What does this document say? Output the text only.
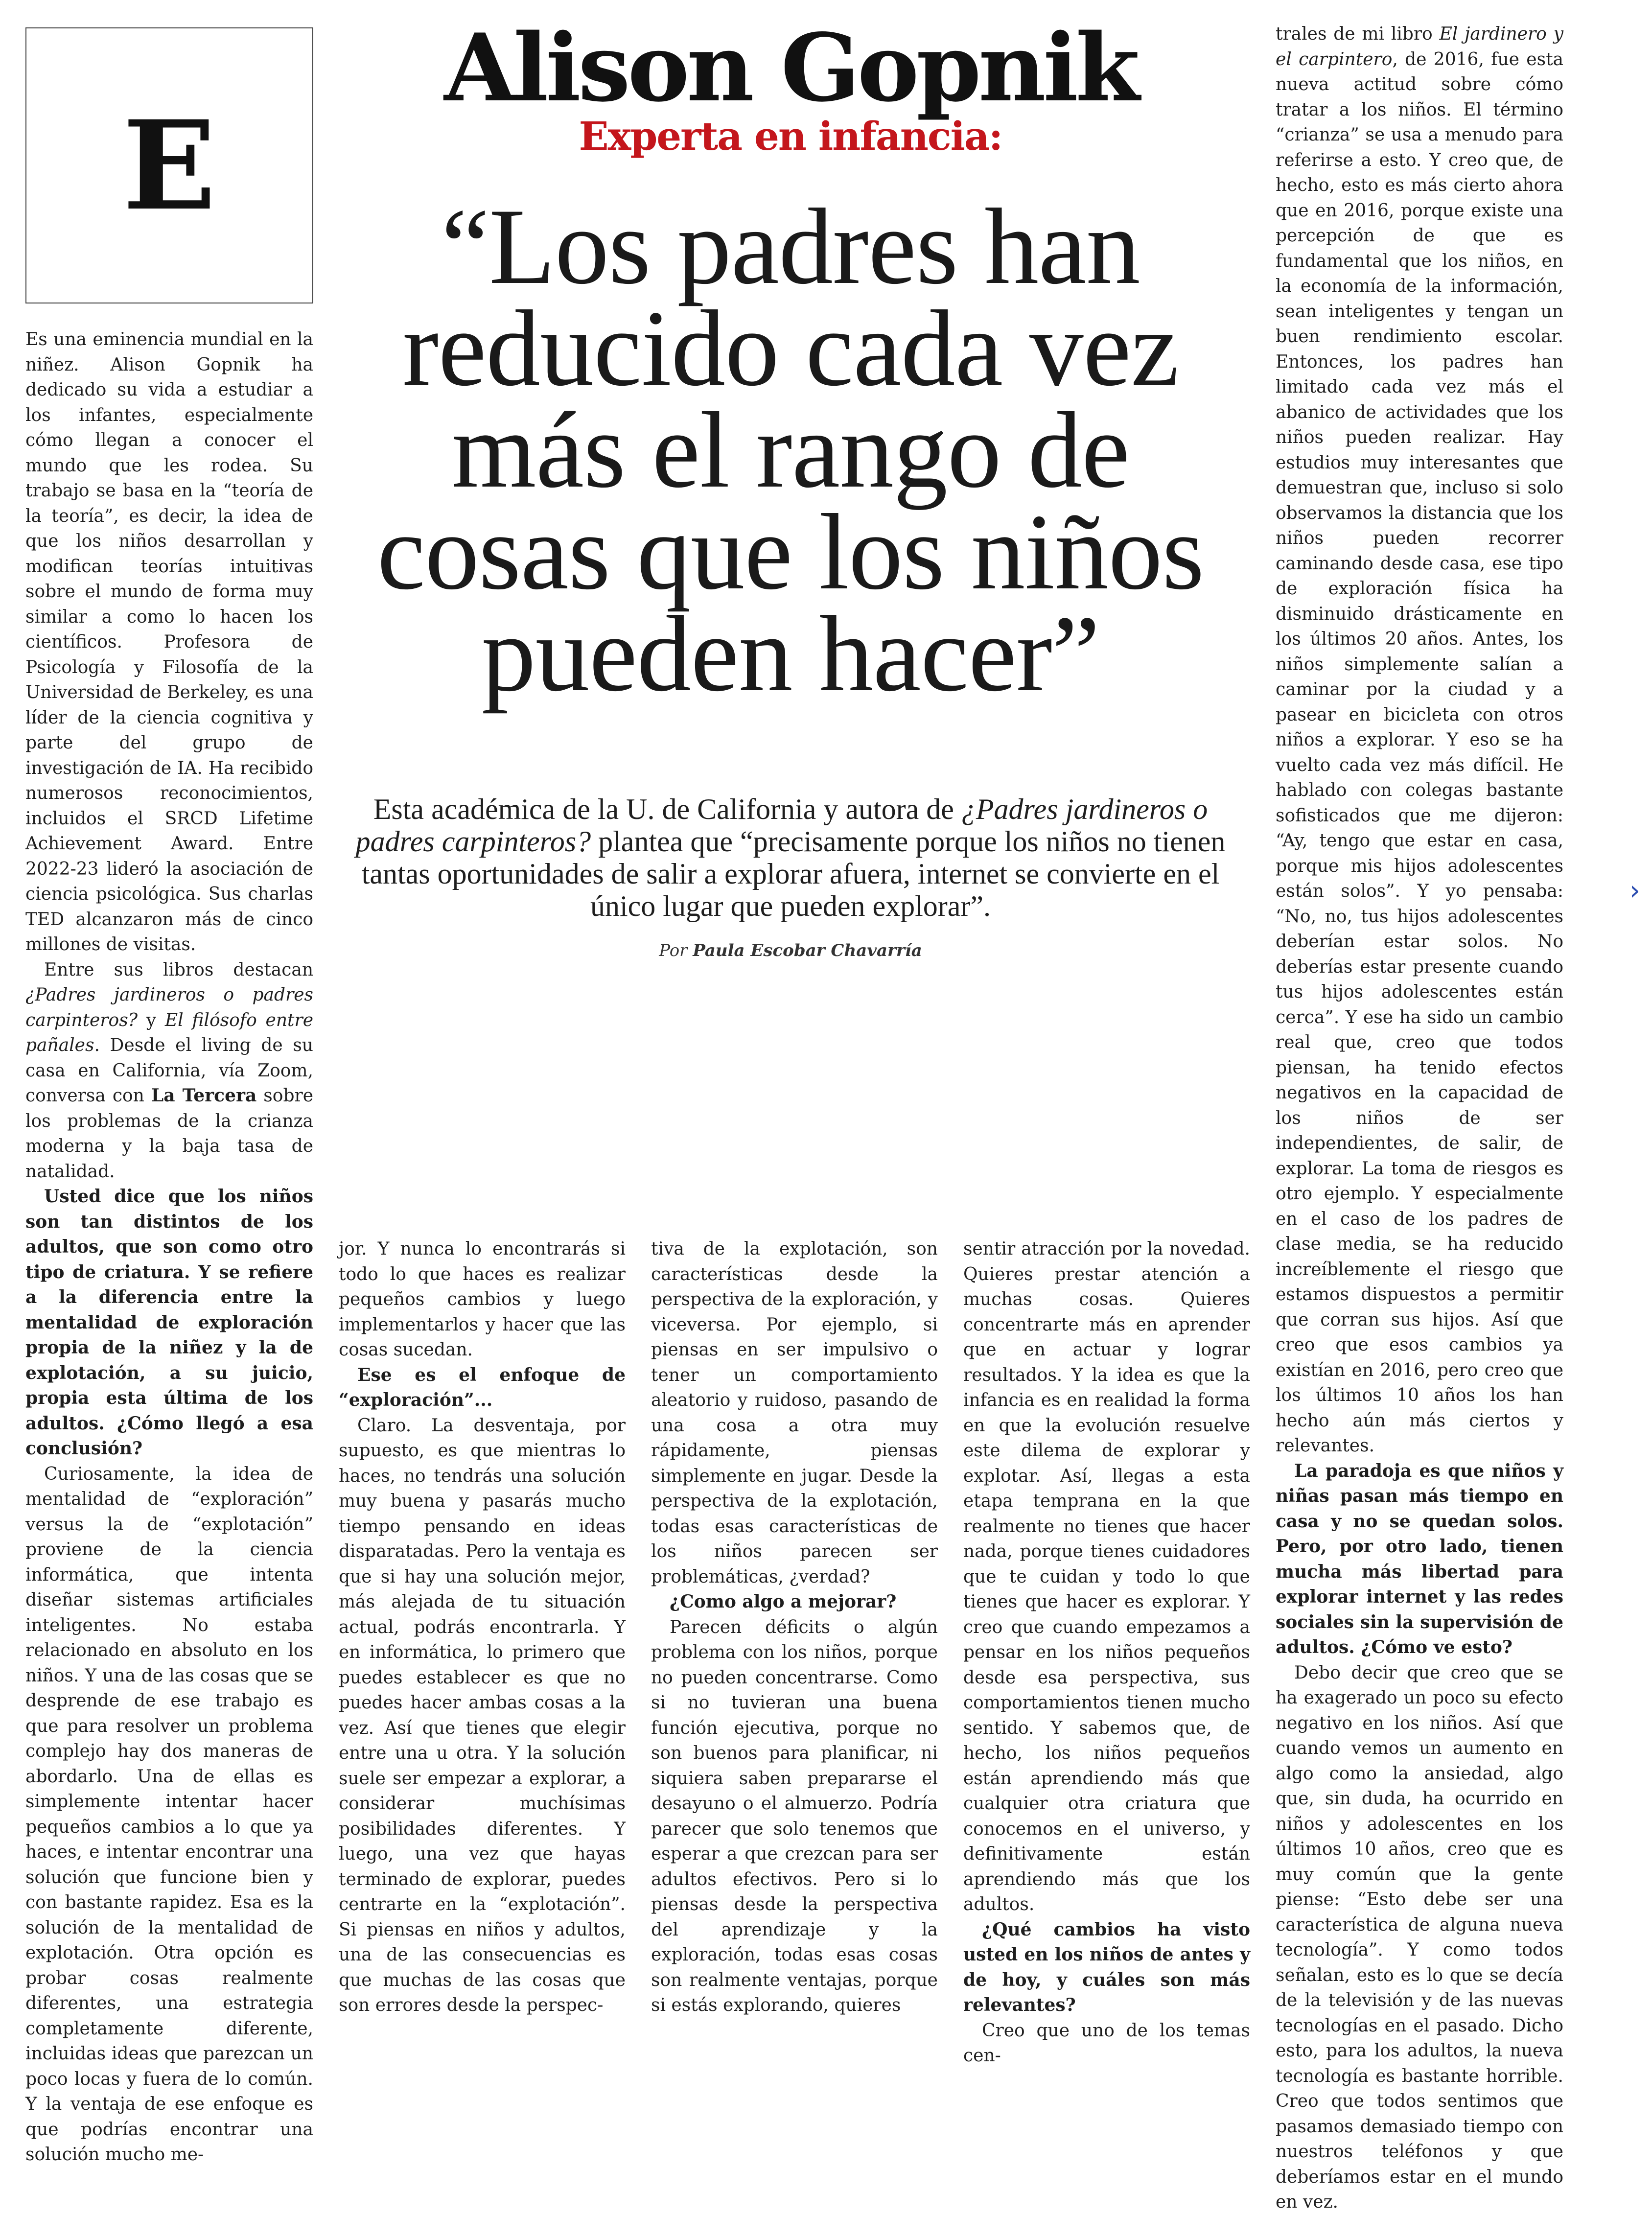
E
Alison Gopnik
Experta en infancia:
“Los padres han reducido cada vez más el rango de cosas que los niños pueden hacer”
Esta académica de la U. de California y autora de ¿Padres jardineros o padres carpinteros? plantea que “precisamente porque los niños no tienen tantas oportunidades de salir a explorar afuera, internet se convierte en el único lugar que pueden explorar”.
Por Paula Escobar Chavarría

Es una eminencia mundial en la niñez. Alison Gopnik ha dedicado su vida a estudiar a los infantes, especialmente cómo llegan a conocer el mundo que les rodea. Su trabajo se basa en la “teoría de la teoría”, es decir, la idea de que los niños desarrollan y modifican teorías intuitivas sobre el mundo de forma muy similar a como lo hacen los científicos. Profesora de Psicología y Filosofía de la Universidad de Berkeley, es una líder de la ciencia cognitiva y parte del grupo de investigación de IA. Ha recibido numerosos reconocimientos, incluidos el SRCD Lifetime Achievement Award. Entre 2022-23 lideró la asociación de ciencia psicológica. Sus charlas TED alcanzaron más de cinco millones de visitas.

Entre sus libros destacan ¿Padres jardineros o padres carpinteros? y El filósofo entre pañales. Desde el living de su casa en California, vía Zoom, conversa con La Tercera sobre los problemas de la crianza moderna y la baja tasa de natalidad.

Usted dice que los niños son tan distintos de los adultos, que son como otro tipo de criatura. Y se refiere a la diferencia entre la mentalidad de exploración propia de la niñez y la de explotación, a su juicio, propia esta última de los adultos. ¿Cómo llegó a esa conclusión?

Curiosamente, la idea de mentalidad de “exploración” versus la de “explotación” proviene de la ciencia informática, que intenta diseñar sistemas artificiales inteligentes. No estaba relacionado en absoluto en los niños. Y una de las cosas que se desprende de ese trabajo es que para resolver un problema complejo hay dos maneras de abordarlo. Una de ellas es simplemente intentar hacer pequeños cambios a lo que ya haces, e intentar encontrar una solución que funcione bien y con bastante rapidez. Esa es la solución de la mentalidad de explotación. Otra opción es probar cosas realmente diferentes, una estrategia completamente diferente, incluidas ideas que parezcan un poco locas y fuera de lo común. Y la ventaja de ese enfoque es que podrías encontrar una solución mucho me-

jor. Y nunca lo encontrarás si todo lo que haces es realizar pequeños cambios y luego implementarlos y hacer que las cosas sucedan.

Ese es el enfoque de “exploración”...

Claro. La desventaja, por supuesto, es que mientras lo haces, no tendrás una solución muy buena y pasarás mucho tiempo pensando en ideas disparatadas. Pero la ventaja es que si hay una solución mejor, más alejada de tu situación actual, podrás encontrarla. Y en informática, lo primero que puedes establecer es que no puedes hacer ambas cosas a la vez. Así que tienes que elegir entre una u otra. Y la solución suele ser empezar a explorar, a considerar muchísimas posibilidades diferentes. Y luego, una vez que hayas terminado de explorar, puedes centrarte en la “explotación”. Si piensas en niños y adultos, una de las consecuencias es que muchas de las cosas que son errores desde la perspec-

tiva de la explotación, son características desde la perspectiva de la exploración, y viceversa. Por ejemplo, si piensas en ser impulsivo o tener un comportamiento aleatorio y ruidoso, pasando de una cosa a otra muy rápidamente, piensas simplemente en jugar. Desde la perspectiva de la explotación, todas esas características de los niños parecen ser problemáticas, ¿verdad?

¿Como algo a mejorar?

Parecen déficits o algún problema con los niños, porque no pueden concentrarse. Como si no tuvieran una buena función ejecutiva, porque no son buenos para planificar, ni siquiera saben prepararse el desayuno o el almuerzo. Podría parecer que solo tenemos que esperar a que crezcan para ser adultos efectivos. Pero si lo piensas desde la perspectiva del aprendizaje y la exploración, todas esas cosas son realmente ventajas, porque si estás explorando, quieres

sentir atracción por la novedad. Quieres prestar atención a muchas cosas. Quieres concentrarte más en aprender que en actuar y lograr resultados. Y la idea es que la infancia es en realidad la forma en que la evolución resuelve este dilema de explorar y explotar. Así, llegas a esta etapa temprana en la que realmente no tienes que hacer nada, porque tienes cuidadores que te cuidan y todo lo que tienes que hacer es explorar. Y creo que cuando empezamos a pensar en los niños pequeños desde esa perspectiva, sus comportamientos tienen mucho sentido. Y sabemos que, de hecho, los niños pequeños están aprendiendo más que cualquier otra criatura que conocemos en el universo, y definitivamente están aprendiendo más que los adultos.

¿Qué cambios ha visto usted en los niños de antes y de hoy, y cuáles son más relevantes?

Creo que uno de los temas cen-

trales de mi libro El jardinero y el carpintero, de 2016, fue esta nueva actitud sobre cómo tratar a los niños. El término “crianza” se usa a menudo para referirse a esto. Y creo que, de hecho, esto es más cierto ahora que en 2016, porque existe una percepción de que es fundamental que los niños, en la economía de la información, sean inteligentes y tengan un buen rendimiento escolar. Entonces, los padres han limitado cada vez más el abanico de actividades que los niños pueden realizar. Hay estudios muy interesantes que demuestran que, incluso si solo observamos la distancia que los niños pueden recorrer caminando desde casa, ese tipo de exploración física ha disminuido drásticamente en los últimos 20 años. Antes, los niños simplemente salían a caminar por la ciudad y a pasear en bicicleta con otros niños a explorar. Y eso se ha vuelto cada vez más difícil. He hablado con colegas bastante sofisticados que me dijeron: “Ay, tengo que estar en casa, porque mis hijos adolescentes están solos”. Y yo pensaba: “No, no, tus hijos adolescentes deberían estar solos. No deberías estar presente cuando tus hijos adolescentes están cerca”. Y ese ha sido un cambio real que, creo que todos piensan, ha tenido efectos negativos en la capacidad de los niños de ser independientes, de salir, de explorar. La toma de riesgos es otro ejemplo. Y especialmente en el caso de los padres de clase media, se ha reducido increíblemente el riesgo que estamos dispuestos a permitir que corran sus hijos. Así que creo que esos cambios ya existían en 2016, pero creo que los últimos 10 años los han hecho aún más ciertos y relevantes.

La paradoja es que niños y niñas pasan más tiempo en casa y no se quedan solos. Pero, por otro lado, tienen mucha más libertad para explorar internet y las redes sociales sin la supervisión de adultos. ¿Cómo ve esto?

Debo decir que creo que se ha exagerado un poco su efecto negativo en los niños. Así que cuando vemos un aumento en algo como la ansiedad, algo que, sin duda, ha ocurrido en niños y adolescentes en los últimos 10 años, creo que es muy común que la gente piense: “Esto debe ser una característica de alguna nueva tecnología”. Y como todos señalan, esto es lo que se decía de la televisión y de las nuevas tecnologías en el pasado. Dicho esto, para los adultos, la nueva tecnología es bastante horrible. Creo que todos sentimos que pasamos demasiado tiempo con nuestros teléfonos y que deberíamos estar en el mundo en vez.

›
